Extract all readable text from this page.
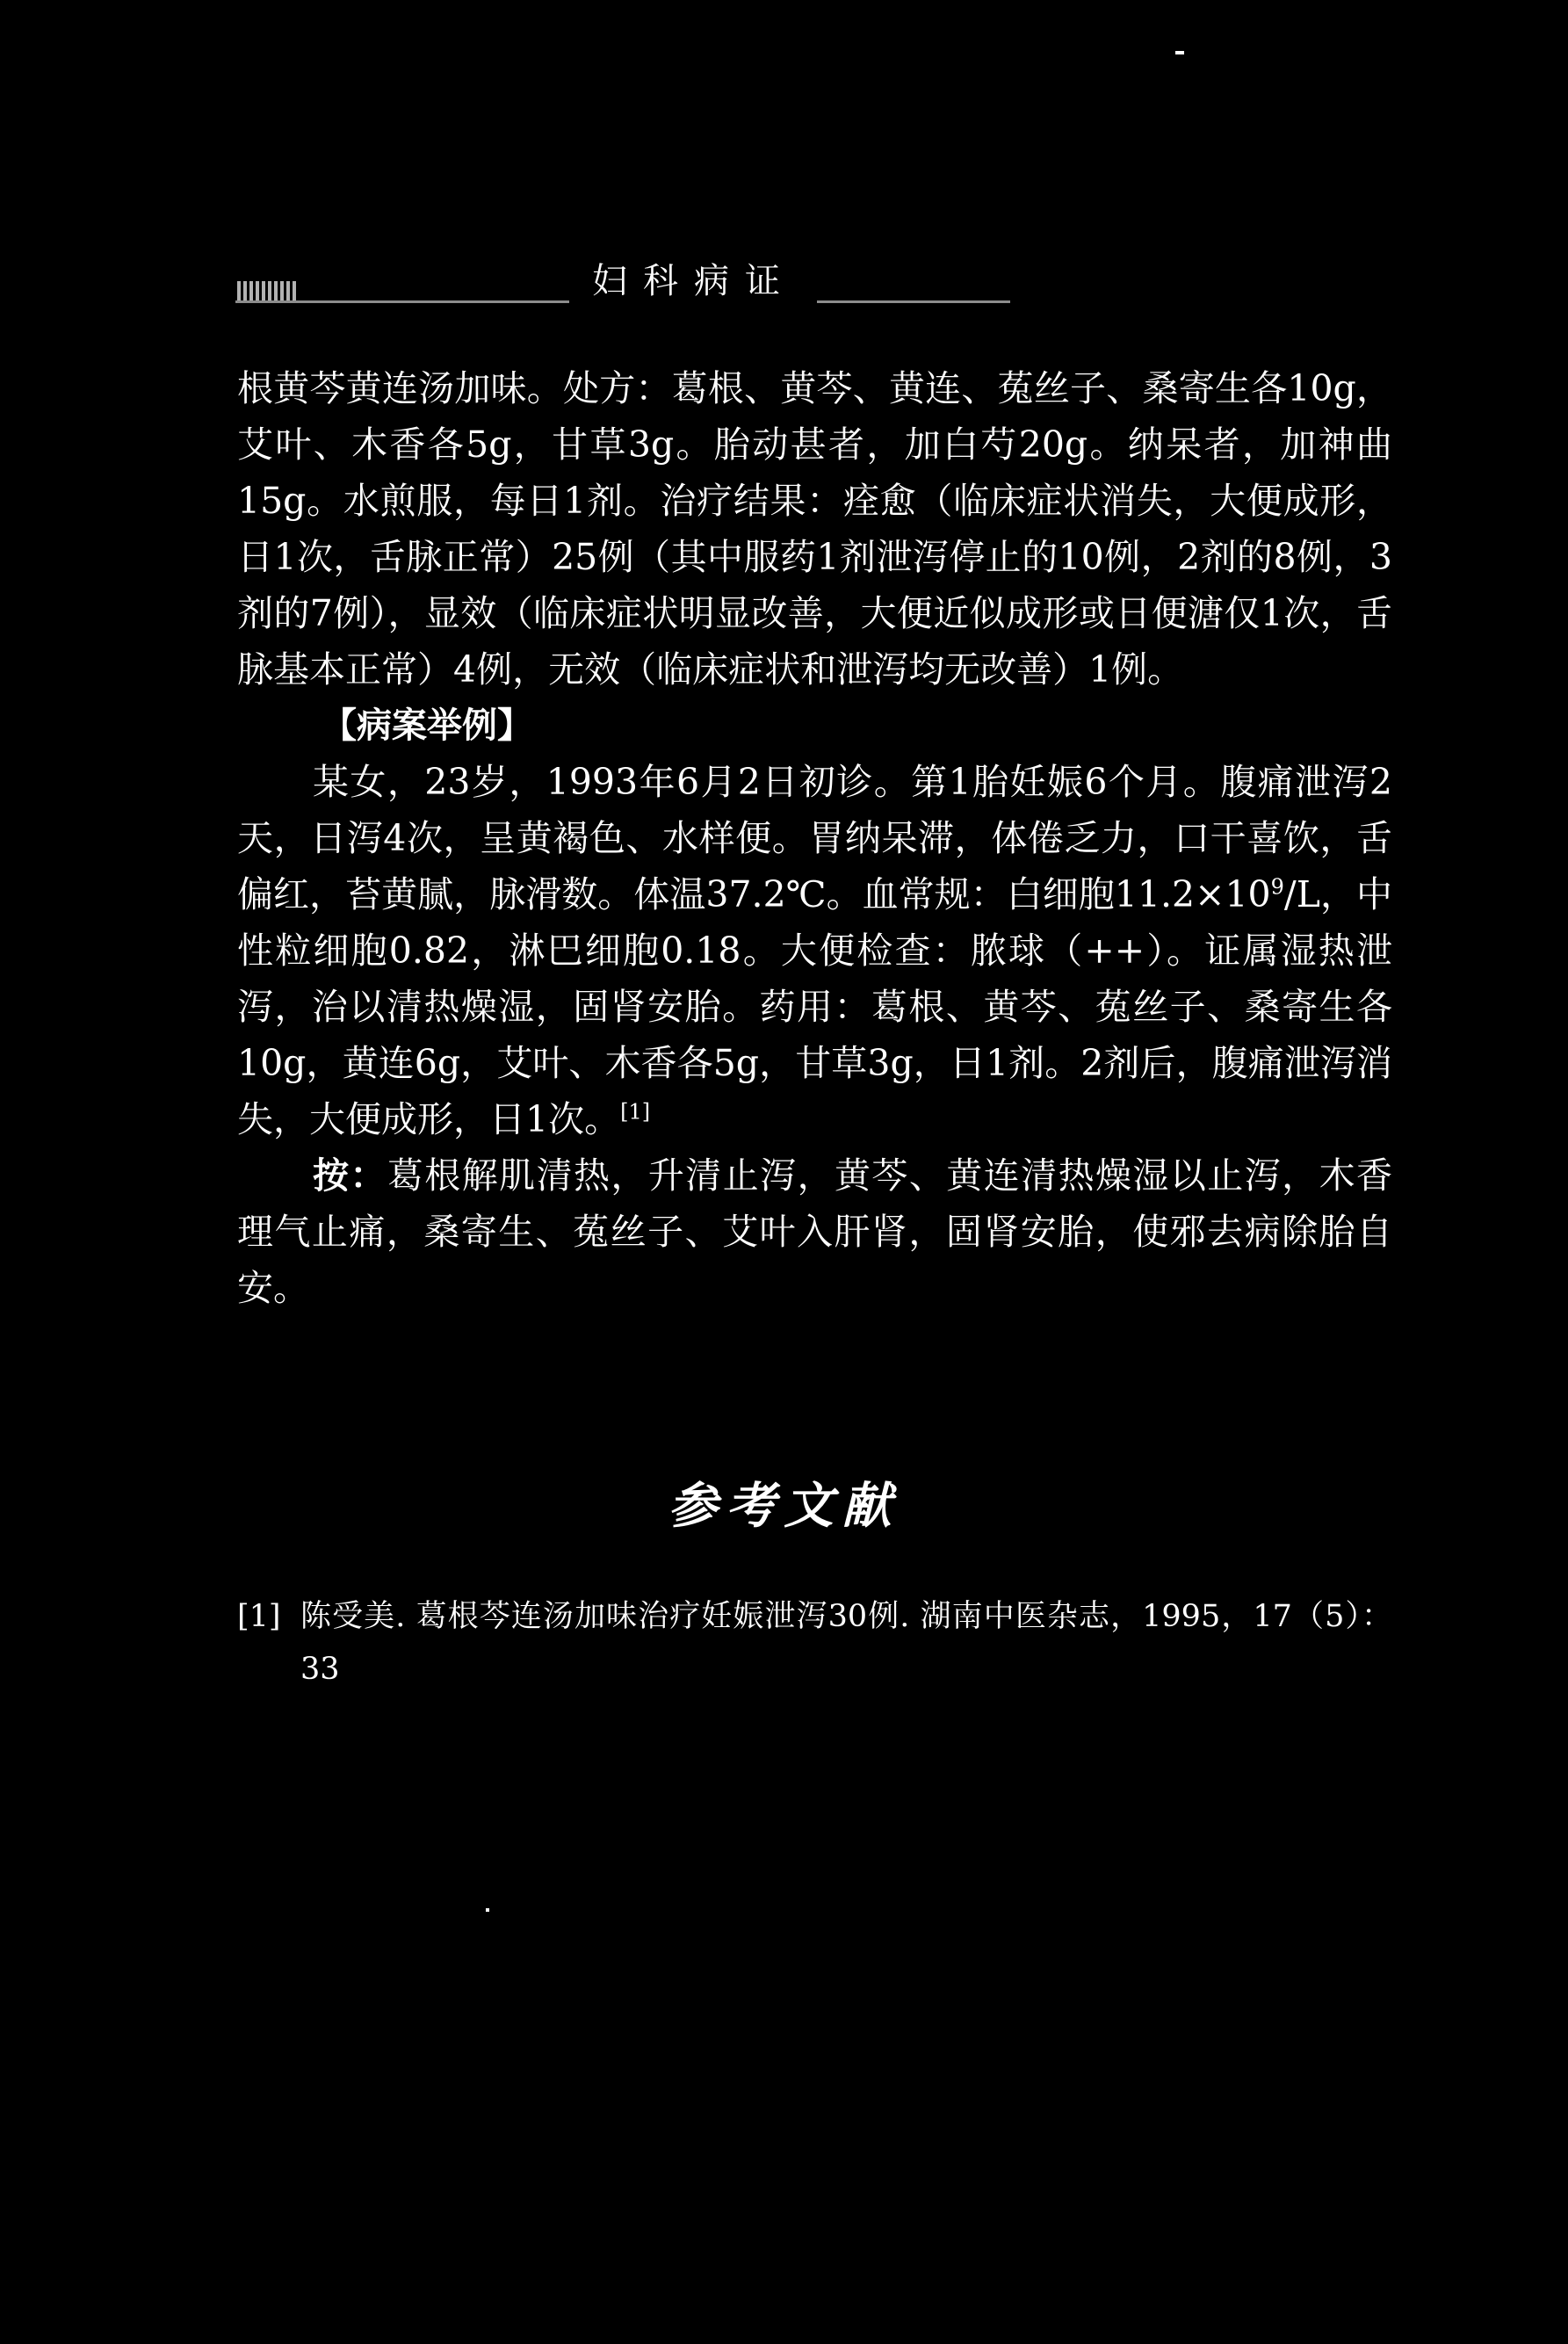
妇科病证

根黄芩黄连汤加味。处方：葛根、黄芩、黄连、菟丝子、桑寄生各10g，艾叶、木香各5g，甘草3g。胎动甚者，加白芍20g。纳呆者，加神曲15g。水煎服，每日1剂。治疗结果：痊愈（临床症状消失，大便成形，日1次，舌脉正常）25例（其中服药1剂泄泻停止的10例，2剂的8例，3剂的7例），显效（临床症状明显改善，大便近似成形或日便溏仅1次，舌脉基本正常）4例，无效（临床症状和泄泻均无改善）1例。

【病案举例】

某女，23岁，1993年6月2日初诊。第1胎妊娠6个月。腹痛泄泻2天，日泻4次，呈黄褐色、水样便。胃纳呆滞，体倦乏力，口干喜饮，舌偏红，苔黄腻，脉滑数。体温37.2℃。血常规：白细胞$11.2\times 10^9/L$，中性粒细胞0.82，淋巴细胞0.18。大便检查：脓球（++）。证属湿热泄泻，治以清热燥湿，固肾安胎。药用：葛根、黄芩、菟丝子、桑寄生各10g，黄连6g，艾叶、木香各5g，甘草3g，日1剂。2剂后，腹痛泄泻消失，大便成形，日1次。[1]

按：葛根解肌清热，升清止泻，黄芩、黄连清热燥湿以止泻，木香理气止痛，桑寄生、菟丝子、艾叶入肝肾，固肾安胎，使邪去病除胎自安。

参考文献
[1] 陈受美. 葛根芩连汤加味治疗妊娠泄泻30例. 湖南中医杂志，1995，17（5）：33
